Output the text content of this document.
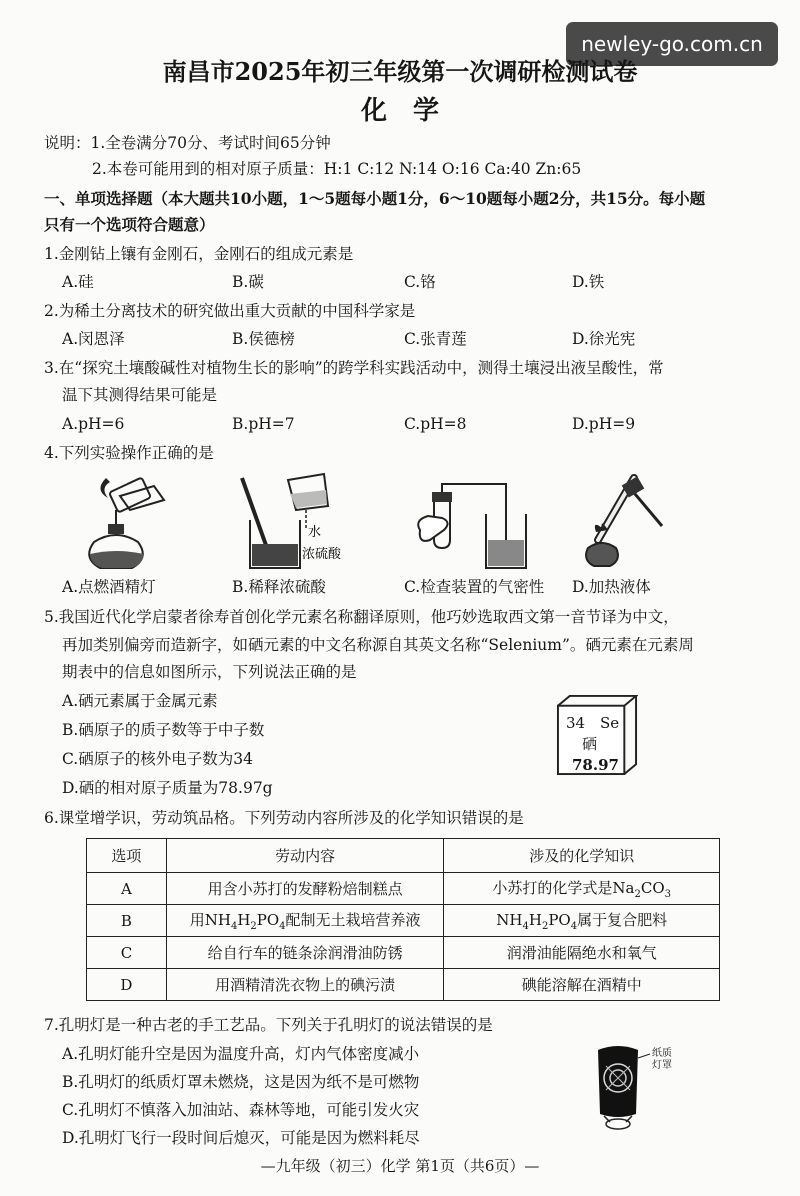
newley-go.com.cn
南昌市2025年初三年级第一次调研检测试卷
化　学
说明：1.全卷满分70分、考试时间65分钟
2.本卷可能用到的相对原子质量：H:1 C:12 N:14 O:16 Ca:40 Zn:65
一、单项选择题（本大题共10小题，1～5题每小题1分，6～10题每小题2分，共15分。每小题
只有一个选项符合题意）
1.金刚钻上镶有金刚石，金刚石的组成元素是
A.硅	B.碳	C.铬	D.铁
2.为稀土分离技术的研究做出重大贡献的中国科学家是
A.闵恩泽	B.侯德榜	C.张青莲	D.徐光宪
3.在“探究土壤酸碱性对植物生长的影响”的跨学科实践活动中，测得土壤浸出液呈酸性，常
温下其测得结果可能是
A.pH=6	B.pH=7	C.pH=8	D.pH=9
4.下列实验操作正确的是
水
浓硫酸
A.点燃酒精灯	B.稀释浓硫酸	C.检查装置的气密性 D.加热液体
5.我国近代化学启蒙者徐寿首创化学元素名称翻译原则，他巧妙选取西文第一音节译为中文，
再加类别偏旁而造新字，如硒元素的中文名称源自其英文名称“Selenium”。硒元素在元素周
期表中的信息如图所示，下列说法正确的是
A.硒元素属于金属元素
B.硒原子的质子数等于中子数
C.硒原子的核外电子数为34
D.硒的相对原子质量为78.97g
34 Se
硒
78.97
6.课堂增学识，劳动筑品格。下列劳动内容所涉及的化学知识错误的是
选项	劳动内容	涉及的化学知识
A	用含小苏打的发酵粉焙制糕点	小苏打的化学式是$Na_2CO_3$
B	用$NH_4H_2PO_4$配制无土栽培营养液	$NH_4H_2PO_4$属于复合肥料
C	给自行车的链条涂润滑油防锈	润滑油能隔绝水和氧气
D	用酒精清洗衣物上的碘污渍	碘能溶解在酒精中
7.孔明灯是一种古老的手工艺品。下列关于孔明灯的说法错误的是
A.孔明灯能升空是因为温度升高，灯内气体密度减小
B.孔明灯的纸质灯罩未燃烧，这是因为纸不是可燃物
C.孔明灯不慎落入加油站、森林等地，可能引发火灾
D.孔明灯飞行一段时间后熄灭，可能是因为燃料耗尽
纸质
灯罩
—九年级（初三）化学 第1页（共6页）—
